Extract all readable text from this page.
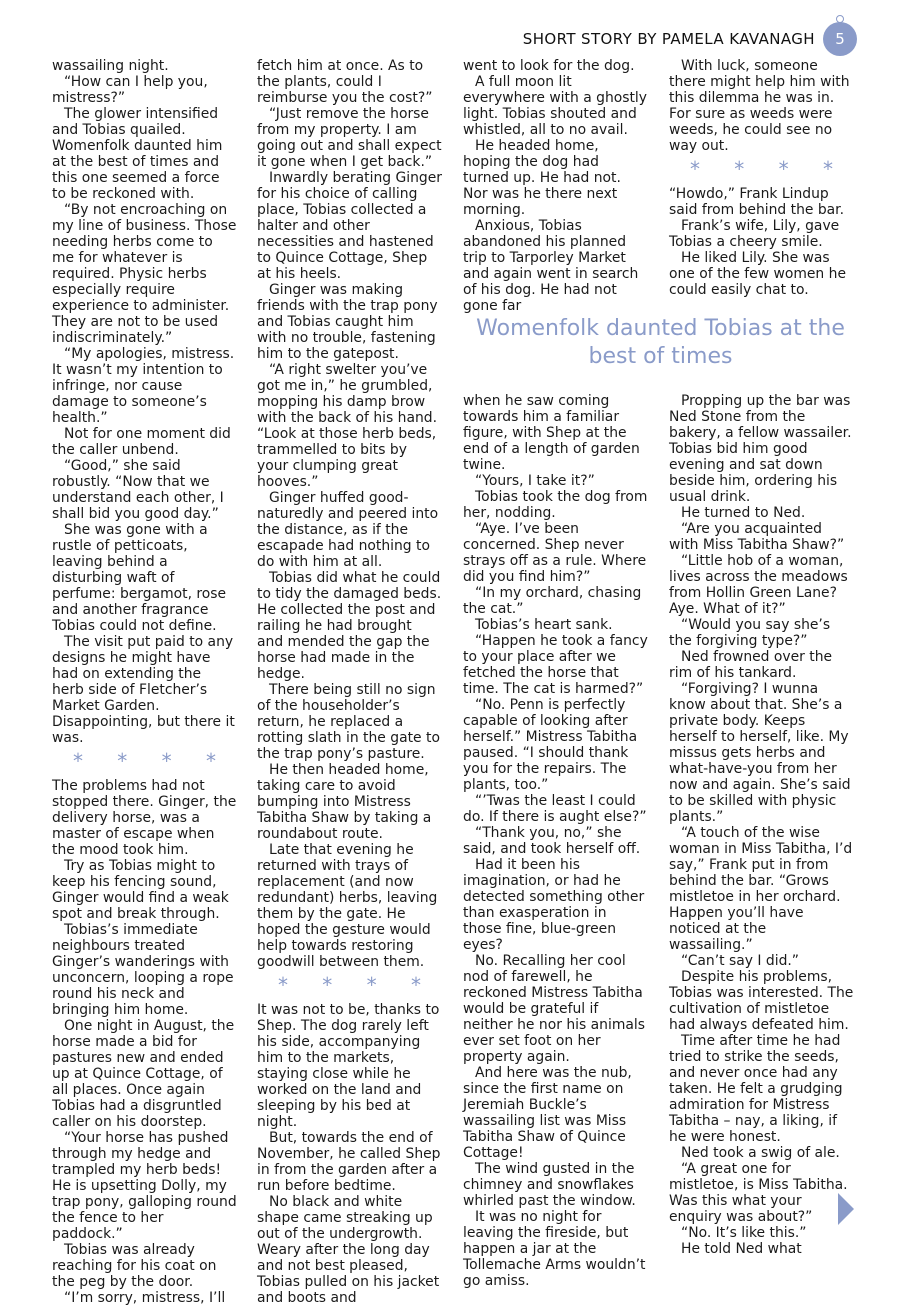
SHORT STORY BY PAMELA KAVANAGH	5

wassailing night.

“How can I help you, mistress?”

The glower intensified and Tobias quailed. Womenfolk daunted him at the best of times and this one seemed a force to be reckoned with.

“By not encroaching on my line of business. Those needing herbs come to me for whatever is required. Physic herbs especially require experience to administer. They are not to be used indiscriminately.”

“My apologies, mistress. It wasn’t my intention to infringe, nor cause damage to someone’s health.”

Not for one moment did the caller unbend.

“Good,” she said robustly. “Now that we understand each other, I shall bid you good day.”

She was gone with a rustle of petticoats, leaving behind a disturbing waft of perfume: bergamot, rose and another fragrance Tobias could not define.

The visit put paid to any designs he might have had on extending the herb side of Fletcher’s Market Garden. Disappointing, but there it was.

* * * *

The problems had not stopped there. Ginger, the delivery horse, was a master of escape when the mood took him.

Try as Tobias might to keep his fencing sound, Ginger would find a weak spot and break through.

Tobias’s immediate neighbours treated Ginger’s wanderings with unconcern, looping a rope round his neck and bringing him home.

One night in August, the horse made a bid for pastures new and ended up at Quince Cottage, of all places. Once again Tobias had a disgruntled caller on his doorstep.

“Your horse has pushed through my hedge and trampled my herb beds! He is upsetting Dolly, my trap pony, galloping round the fence to her paddock.”

Tobias was already reaching for his coat on the peg by the door.

“I’m sorry, mistress, I’ll

fetch him at once. As to the plants, could I reimburse you the cost?”

“Just remove the horse from my property. I am going out and shall expect it gone when I get back.”

Inwardly berating Ginger for his choice of calling place, Tobias collected a halter and other necessities and hastened to Quince Cottage, Shep at his heels.

Ginger was making friends with the trap pony and Tobias caught him with no trouble, fastening him to the gatepost.

“A right swelter you’ve got me in,” he grumbled, mopping his damp brow with the back of his hand. “Look at those herb beds, trammelled to bits by your clumping great hooves.”

Ginger huffed good-naturedly and peered into the distance, as if the escapade had nothing to do with him at all.

Tobias did what he could to tidy the damaged beds. He collected the post and railing he had brought and mended the gap the horse had made in the hedge.

There being still no sign of the householder’s return, he replaced a rotting slath in the gate to the trap pony’s pasture.

He then headed home, taking care to avoid bumping into Mistress Tabitha Shaw by taking a roundabout route.

Late that evening he returned with trays of replacement (and now redundant) herbs, leaving them by the gate. He hoped the gesture would help towards restoring goodwill between them.

* * * *

It was not to be, thanks to Shep. The dog rarely left his side, accompanying him to the markets, staying close while he worked on the land and sleeping by his bed at night.

But, towards the end of November, he called Shep in from the garden after a run before bedtime.

No black and white shape came streaking up out of the undergrowth. Weary after the long day and not best pleased, Tobias pulled on his jacket and boots and

went to look for the dog.

A full moon lit everywhere with a ghostly light. Tobias shouted and whistled, all to no avail.

He headed home, hoping the dog had turned up. He had not. Nor was he there next morning.

Anxious, Tobias abandoned his planned trip to Tarporley Market and again went in search of his dog. He had not gone far

With luck, someone there might help him with this dilemma he was in. For sure as weeds were weeds, he could see no way out.

* * * *

“Howdo,” Frank Lindup said from behind the bar.

Frank’s wife, Lily, gave Tobias a cheery smile.

He liked Lily. She was one of the few women he could easily chat to.

Womenfolk daunted Tobias at the best of times

when he saw coming towards him a familiar figure, with Shep at the end of a length of garden twine.

“Yours, I take it?”

Tobias took the dog from her, nodding.

“Aye. I’ve been concerned. Shep never strays off as a rule. Where did you find him?”

“In my orchard, chasing the cat.”

Tobias’s heart sank.

“Happen he took a fancy to your place after we fetched the horse that time. The cat is harmed?”

“No. Penn is perfectly capable of looking after herself.” Mistress Tabitha paused. “I should thank you for the repairs. The plants, too.”

“’Twas the least I could do. If there is aught else?”

“Thank you, no,” she said, and took herself off.

Had it been his imagination, or had he detected something other than exasperation in those fine, blue-green eyes?

No. Recalling her cool nod of farewell, he reckoned Mistress Tabitha would be grateful if neither he nor his animals ever set foot on her property again.

And here was the nub, since the first name on Jeremiah Buckle’s wassailing list was Miss Tabitha Shaw of Quince Cottage!

The wind gusted in the chimney and snowflakes whirled past the window.

It was no night for leaving the fireside, but happen a jar at the Tollemache Arms wouldn’t go amiss.

Propping up the bar was Ned Stone from the bakery, a fellow wassailer. Tobias bid him good evening and sat down beside him, ordering his usual drink.

He turned to Ned.

“Are you acquainted with Miss Tabitha Shaw?”

“Little hob of a woman, lives across the meadows from Hollin Green Lane? Aye. What of it?”

“Would you say she’s the forgiving type?”

Ned frowned over the rim of his tankard.

“Forgiving? I wunna know about that. She’s a private body. Keeps herself to herself, like. My missus gets herbs and what-have-you from her now and again. She’s said to be skilled with physic plants.”

“A touch of the wise woman in Miss Tabitha, I’d say,” Frank put in from behind the bar. “Grows mistletoe in her orchard. Happen you’ll have noticed at the wassailing.”

“Can’t say I did.”

Despite his problems, Tobias was interested. The cultivation of mistletoe had always defeated him.

Time after time he had tried to strike the seeds, and never once had any taken. He felt a grudging admiration for Mistress Tabitha – nay, a liking, if he were honest.

Ned took a swig of ale.

“A great one for mistletoe, is Miss Tabitha. Was this what your enquiry was about?”

“No. It’s like this.”

He told Ned what
